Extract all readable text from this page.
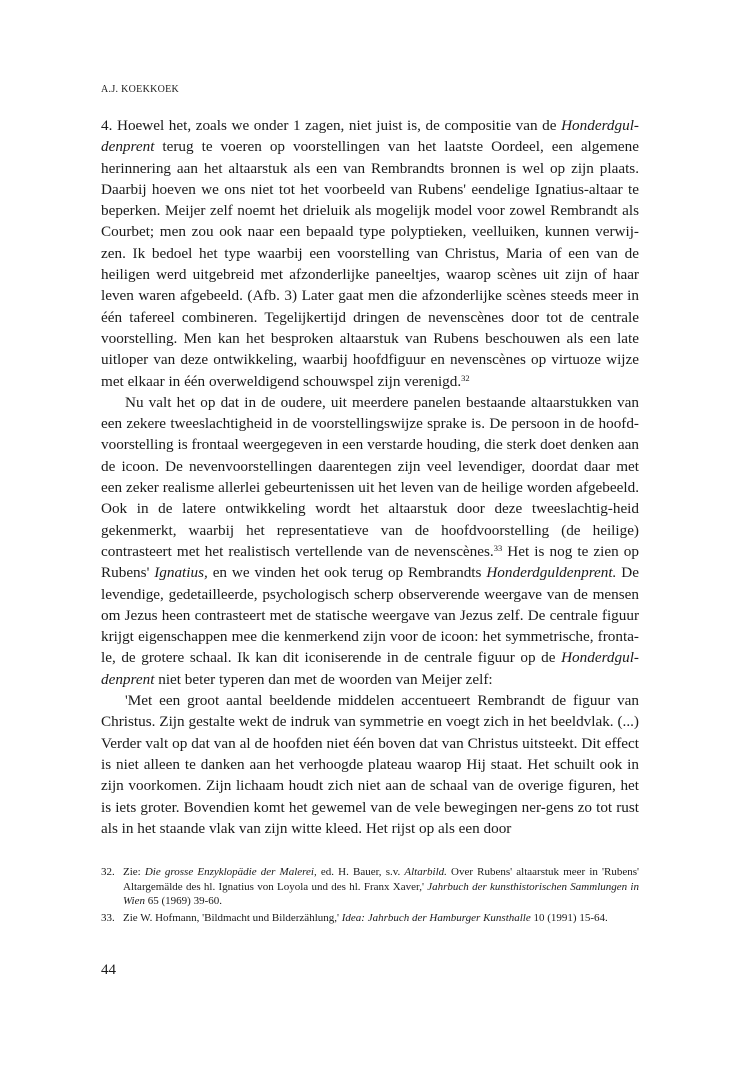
A.J. KOEKKOEK

4. Hoewel het, zoals we onder 1 zagen, niet juist is, de compositie van de Honderdgul-denprent terug te voeren op voorstellingen van het laatste Oordeel, een algemene herinnering aan het altaarstuk als een van Rembrandts bronnen is wel op zijn plaats. Daarbij hoeven we ons niet tot het voorbeeld van Rubens' eendelige Ignatius-altaar te beperken. Meijer zelf noemt het drieluik als mogelijk model voor zowel Rembrandt als Courbet; men zou ook naar een bepaald type polyptieken, veelluiken, kunnen verwij-zen. Ik bedoel het type waarbij een voorstelling van Christus, Maria of een van de heiligen werd uitgebreid met afzonderlijke paneeltjes, waarop scènes uit zijn of haar leven waren afgebeeld. (Afb. 3) Later gaat men die afzonderlijke scènes steeds meer in één tafereel combineren. Tegelijkertijd dringen de nevenscènes door tot de centrale voorstelling. Men kan het besproken altaarstuk van Rubens beschouwen als een late uitloper van deze ontwikkeling, waarbij hoofdfiguur en nevenscènes op virtuoze wijze met elkaar in één overweldigend schouwspel zijn verenigd.$^{32}$

Nu valt het op dat in de oudere, uit meerdere panelen bestaande altaarstukken van een zekere tweeslachtigheid in de voorstellingswijze sprake is. De persoon in de hoofd-voorstelling is frontaal weergegeven in een verstarde houding, die sterk doet denken aan de icoon. De nevenvoorstellingen daarentegen zijn veel levendiger, doordat daar met een zeker realisme allerlei gebeurtenissen uit het leven van de heilige worden afgebeeld. Ook in de latere ontwikkeling wordt het altaarstuk door deze tweeslachtig-heid gekenmerkt, waarbij het representatieve van de hoofdvoorstelling (de heilige) contrasteert met het realistisch vertellende van de nevenscènes.$^{33}$ Het is nog te zien op Rubens' Ignatius, en we vinden het ook terug op Rembrandts Honderdguldenprent. De levendige, gedetailleerde, psychologisch scherp observerende weergave van de mensen om Jezus heen contrasteert met de statische weergave van Jezus zelf. De centrale figuur krijgt eigenschappen mee die kenmerkend zijn voor de icoon: het symmetrische, fronta-le, de grotere schaal. Ik kan dit iconiserende in de centrale figuur op de Honderdgul-denprent niet beter typeren dan met de woorden van Meijer zelf:

'Met een groot aantal beeldende middelen accentueert Rembrandt de figuur van Christus. Zijn gestalte wekt de indruk van symmetrie en voegt zich in het beeldvlak. (...) Verder valt op dat van al de hoofden niet één boven dat van Christus uitsteekt. Dit effect is niet alleen te danken aan het verhoogde plateau waarop Hij staat. Het schuilt ook in zijn voorkomen. Zijn lichaam houdt zich niet aan de schaal van de overige figuren, het is iets groter. Bovendien komt het gewemel van de vele bewegingen ner-gens zo tot rust als in het staande vlak van zijn witte kleed. Het rijst op als een door

32. Zie: Die grosse Enzyklopädie der Malerei, ed. H. Bauer, s.v. Altarbild. Over Rubens' altaarstuk meer in 'Rubens' Altargemälde des hl. Ignatius von Loyola und des hl. Franx Xaver,' Jahrbuch der kunsthistorischen Sammlungen in Wien 65 (1969) 39-60.
33. Zie W. Hofmann, 'Bildmacht und Bilderzählung,' Idea: Jahrbuch der Hamburger Kunsthalle 10 (1991) 15-64.
44
